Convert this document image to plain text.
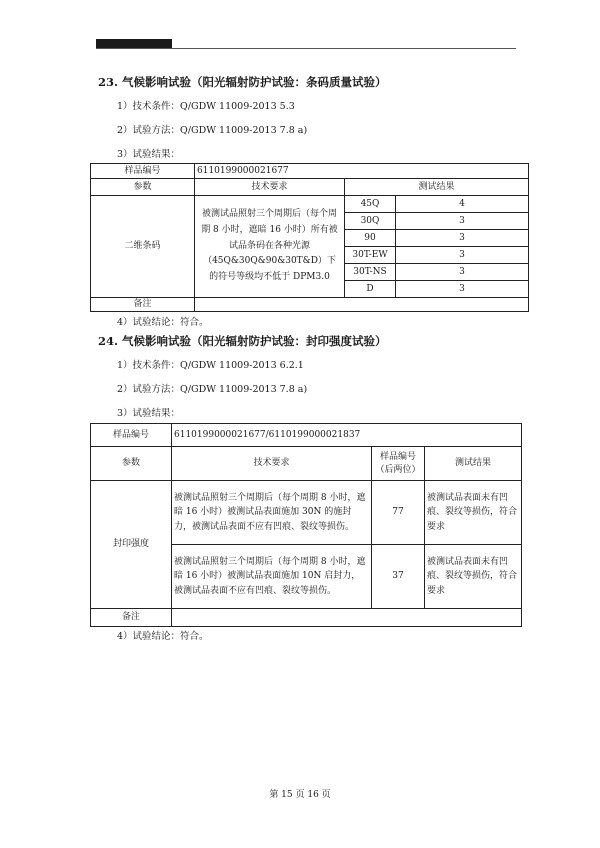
23. 气候影响试验（阳光辐射防护试验：条码质量试验）
1）技术条件：Q/GDW 11009-2013 5.3
2）试验方法：Q/GDW 11009-2013 7.8 a)
3）试验结果：
样品编号	6110199000021677		
参数	技术要求	测试结果	
二维条码	被测试品照射三个周期后（每个周期 8 小时，遮暗 16 小时）所有被试品条码在各种光源（45Q&30Q&90&30T&D）下的符号等级均不低于 DPM3.0	45Q	4
		30Q	3
		90	3
		30T-EW	3
		30T-NS	3
		D	3
备注			
4）试验结论：符合。
24. 气候影响试验（阳光辐射防护试验：封印强度试验）
1）技术条件：Q/GDW 11009-2013 6.2.1
2）试验方法：Q/GDW 11009-2013 7.8 a)
3）试验结果：
样品编号	6110199000021677/6110199000021837		
参数	技术要求	样品编号（后两位）	测试结果
封印强度	被测试品照射三个周期后（每个周期 8 小时，遮暗 16 小时）被测试品表面施加 30N 的施封力，被测试品表面不应有凹痕、裂纹等损伤。	77	被测试品表面未有凹痕、裂纹等损伤，符合要求
	被测试品照射三个周期后（每个周期 8 小时，遮暗 16 小时）被测试品表面施加 10N 启封力，被测试品表面不应有凹痕、裂纹等损伤。	37	被测试品表面未有凹痕、裂纹等损伤，符合要求
备注			
4）试验结论：符合。
第 15 页 16 页
